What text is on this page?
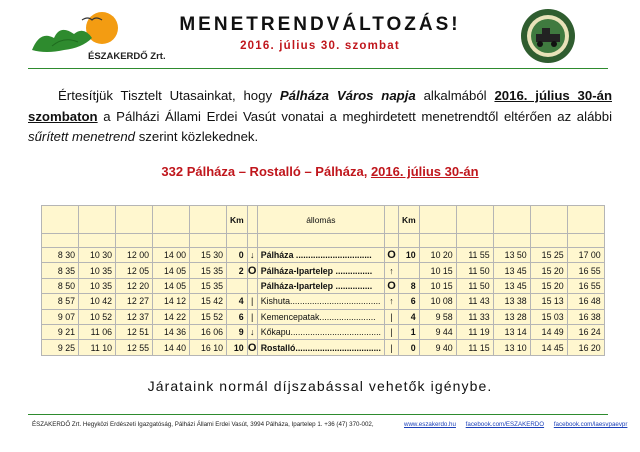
ÉSZAKERDŐ Zrt.
MENETRENDVÁLTOZÁS!
2016. július 30. szombat
Értesítjük Tisztelt Utasainkat, hogy Pálháza Város napja alkalmából 2016. július 30-án szombaton a Pálházi Állami Erdei Vasút vonatai a meghirdetett menetrendtől eltérően az alábbi sűrített menetrend szerint közlekednek.
332 Pálháza – Rostalló – Pálháza, 2016. július 30-án
					Km		állomás		Km					

8 30	10 30	12 00	14 00	15 30	0	↓	Pálháza ...............................	O	10	10 20	11 55	13 50	15 25	17 00
8 35	10 35	12 05	14 05	15 35	2	O	Pálháza-Ipartelep ...............	↑		10 15	11 50	13 45	15 20	16 55
8 50	10 35	12 20	14 05	15 35			Pálháza-Ipartelep ...............	O	8	10 15	11 50	13 45	15 20	16 55
8 57	10 42	12 27	14 12	15 42	4	|	Kishuta.....................................	↑	6	10 08	11 43	13 38	15 13	16 48
9 07	10 52	12 37	14 22	15 52	6	|	Kemencepatak.......................	|	4	9 58	11 33	13 28	15 03	16 38
9 21	11 06	12 51	14 36	16 06	9	↓	Kőkapu.....................................	|	1	9 44	11 19	13 14	14 49	16 24
9 25	11 10	12 55	14 40	16 10	10	O	Rostalló...................................	|	0	9 40	11 15	13 10	14 45	16 20
Járataink normál díjszabással vehetők igénybe.
ÉSZAKERDŐ Zrt. Hegyközi Erdészeti Igazgatóság, Pálházi Állami Erdei Vasút, 3994 Pálháza, Ipartelep 1. +36 (47) 370-002,	www.eszakerdo.hu facebook.com/ESZAKERDO facebook.com/laesvpaevpr
